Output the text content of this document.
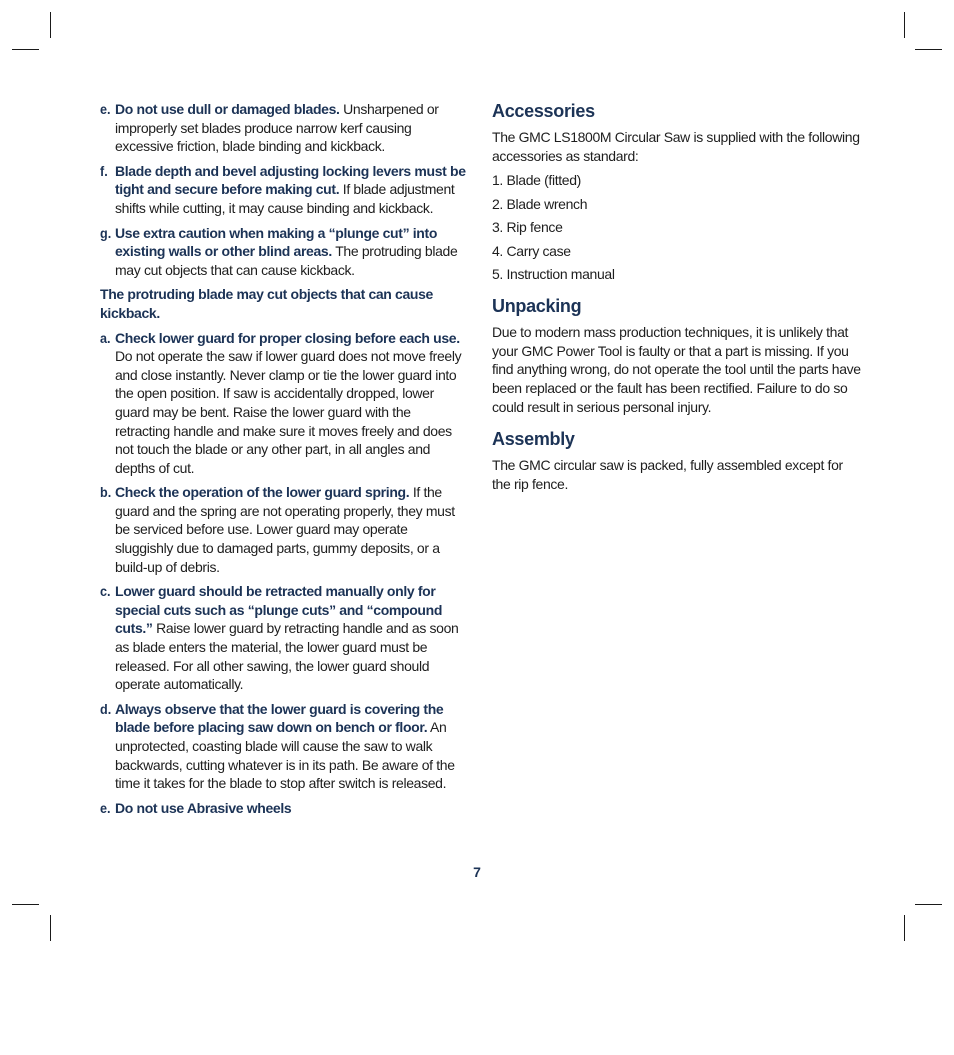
e. Do not use dull or damaged blades. Unsharpened or improperly set blades produce narrow kerf causing excessive friction, blade binding and kickback.
f. Blade depth and bevel adjusting locking levers must be tight and secure before making cut. If blade adjustment shifts while cutting, it may cause binding and kickback.
g. Use extra caution when making a “plunge cut” into existing walls or other blind areas. The protruding blade may cut objects that can cause kickback.

The protruding blade may cut objects that can cause kickback.

a. Check lower guard for proper closing before each use. Do not operate the saw if lower guard does not move freely and close instantly. Never clamp or tie the lower guard into the open position. If saw is accidentally dropped, lower guard may be bent. Raise the lower guard with the retracting handle and make sure it moves freely and does not touch the blade or any other part, in all angles and depths of cut.
b. Check the operation of the lower guard spring. If the guard and the spring are not operating properly, they must be serviced before use. Lower guard may operate sluggishly due to damaged parts, gummy deposits, or a build-up of debris.
c. Lower guard should be retracted manually only for special cuts such as “plunge cuts” and “compound cuts.” Raise lower guard by retracting handle and as soon as blade enters the material, the lower guard must be released. For all other sawing, the lower guard should operate automatically.
d. Always observe that the lower guard is covering the blade before placing saw down on bench or floor. An unprotected, coasting blade will cause the saw to walk backwards, cutting whatever is in its path. Be aware of the time it takes for the blade to stop after switch is released.
e. Do not use Abrasive wheels
Accessories

The GMC LS1800M Circular Saw is supplied with the following accessories as standard:

1. Blade (fitted)
2. Blade wrench
3. Rip fence
4. Carry case
5. Instruction manual
Unpacking

Due to modern mass production techniques, it is unlikely that your GMC Power Tool is faulty or that a part is missing. If you find anything wrong, do not operate the tool until the parts have been replaced or the fault has been rectified. Failure to do so could result in serious personal injury.

Assembly

The GMC circular saw is packed, fully assembled except for the rip fence.

7
